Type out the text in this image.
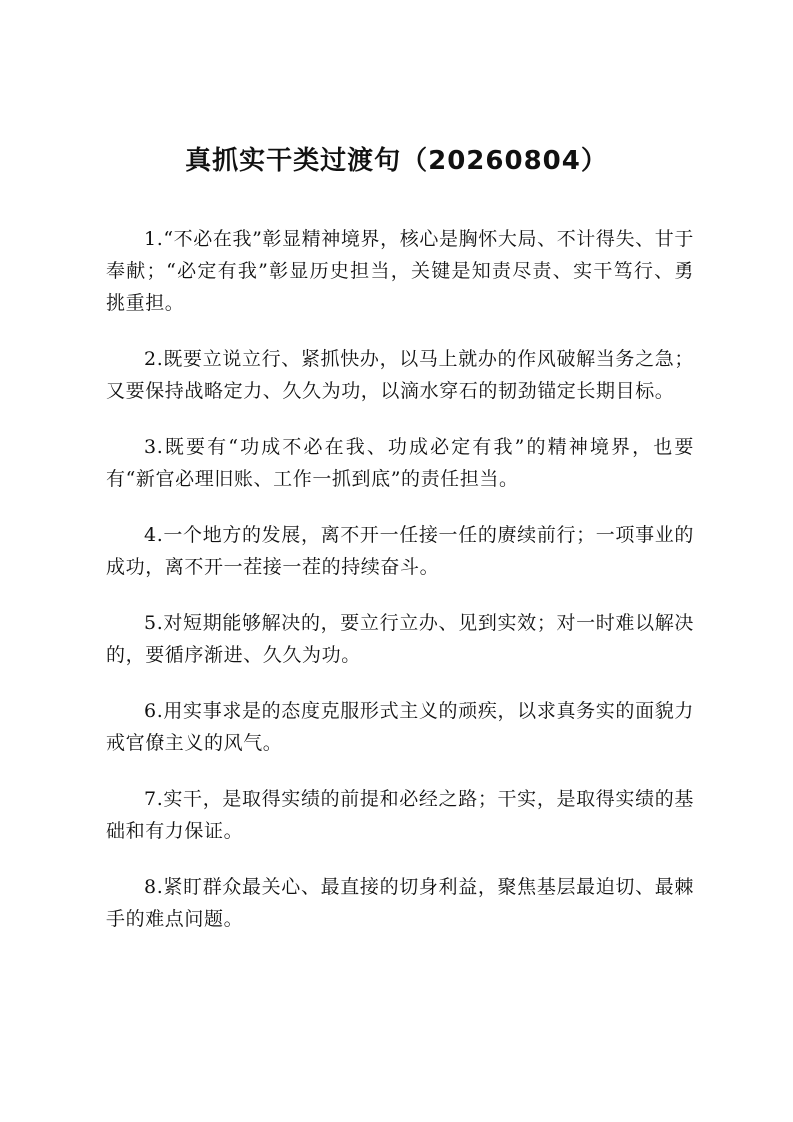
真抓实干类过渡句（20260804）

1.“不必在我”彰显精神境界，核心是胸怀大局、不计得失、甘于奉献；“必定有我”彰显历史担当，关键是知责尽责、实干笃行、勇挑重担。

2.既要立说立行、紧抓快办，以马上就办的作风破解当务之急；又要保持战略定力、久久为功，以滴水穿石的韧劲锚定长期目标。

3.既要有“功成不必在我、功成必定有我”的精神境界，也要有“新官必理旧账、工作一抓到底”的责任担当。

4.一个地方的发展，离不开一任接一任的赓续前行；一项事业的成功，离不开一茬接一茬的持续奋斗。

5.对短期能够解决的，要立行立办、见到实效；对一时难以解决的，要循序渐进、久久为功。

6.用实事求是的态度克服形式主义的顽疾，以求真务实的面貌力戒官僚主义的风气。

7.实干，是取得实绩的前提和必经之路；干实，是取得实绩的基础和有力保证。

8.紧盯群众最关心、最直接的切身利益，聚焦基层最迫切、最棘手的难点问题。
